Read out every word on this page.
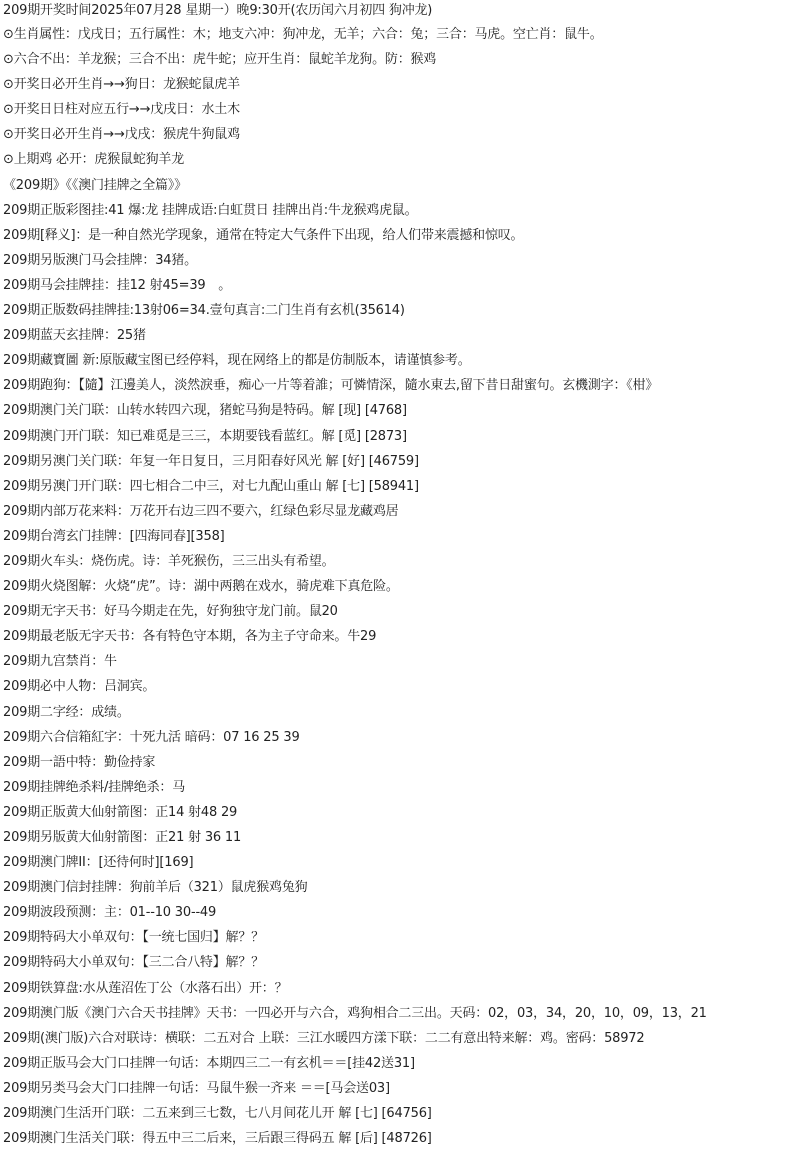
209期开奖时间2025年07月28 星期一）晚9:30开(农历闰六月初四 狗冲龙)
⊙生肖属性：戊戌日；五行属性：木；地支六冲：狗冲龙，无羊；六合：兔；三合：马虎。空亡肖：鼠牛。
⊙六合不出：羊龙猴；三合不出：虎牛蛇；应开生肖：鼠蛇羊龙狗。防：猴鸡
⊙开奖日必开生肖→→狗日：龙猴蛇鼠虎羊
⊙开奖日日柱对应五行→→戊戌日：水土木
⊙开奖日必开生肖→→戊戌：猴虎牛狗鼠鸡
⊙上期鸡 必开：虎猴鼠蛇狗羊龙
《209期》《《澳门挂牌之全篇》》
209期正版彩图挂:41 爆:龙 挂牌成语:白虹贯日 挂牌出肖:牛龙猴鸡虎鼠。
209期[释义]：是一种自然光学现象，通常在特定大气条件下出现，给人们带来震撼和惊叹。
209期另版澳门马会挂牌：34猪。
209期马会挂牌挂：挂12 射45=39　。
209期正版数码挂牌挂:13射06=34.壹句真言:二门生肖有玄机(35614)
209期蓝天玄挂牌：25猪
209期藏寶圖 新:原版藏宝图已经停料，现在网络上的都是仿制版本，请谨慎参考。
209期跑狗：【隨】江邊美人，淡然淚垂，痴心一片等着誰；可憐情深，隨水東去,留下昔日甜蜜句。玄機測字：《柑》
209期澳门关门联：山转水转四六现，猪蛇马狗是特码。解 [现] [4768]
209期澳门开门联：知已难觅是三三，本期要钱看蓝红。解 [觅] [2873]
209期另澳门关门联：年复一年日复日，三月阳春好风光 解 [好] [46759]
209期另澳门开门联：四七相合二中三，对七九配山重山 解 [七] [58941]
209期内部万花来料：万花开右边三四不要六，红绿色彩尽显龙藏鸡居
209期台湾玄门挂牌：[四海同春][358]
209期火车头：烧伤虎。诗：羊死猴伤，三三出头有希望。
209期火烧图解：火烧“虎”。诗：湖中两鹅在戏水，骑虎难下真危险。
209期无字天书：好马今期走在先，好狗独守龙门前。鼠20
209期最老版无字天书：各有特色守本期，各为主子守命来。牛29
209期九宫禁肖：牛
209期必中人物：吕洞宾。
209期二字经：成绩。
209期六合信箱紅字：十死九活 暗码：07 16 25 39
209期一語中特：勤俭持家
209期挂牌绝杀料/挂牌绝杀：马
209期正版黄大仙射箭图：正14 射48 29
209期另版黄大仙射箭图：正21 射 36 11
209期澳门牌II：[还待何时][169]
209期澳门信封挂牌：狗前羊后（321）鼠虎猴鸡兔狗
209期波段预测：主：01--10 30--49
209期特码大小单双句：【一统七国归】解？？
209期特码大小单双句：【三二合八特】解？？
209期铁算盘:水从莲沼佐丁公（水落石出）开：？
209期澳门版《澳门六合天书挂牌》天书：一四必开与六合，鸡狗相合二三出。天码：02，03，34，20，10，09，13，21
209期(澳门版)六合对联诗：横联：二五对合 上联：三江水暖四方漾下联：二二有意出特来解：鸡。密码：58972
209期正版马会大门口挂牌一句话：本期四三二一有玄机＝＝[挂42送31]
209期另类马会大门口挂牌一句话：马鼠牛猴一齐来 ＝＝[马会送03]
209期澳门生活开门联：二五来到三七数，七八月间花儿开 解 [七] [64756]
209期澳门生活关门联：得五中三二后来，三后跟三得码五 解 [后] [48726]
